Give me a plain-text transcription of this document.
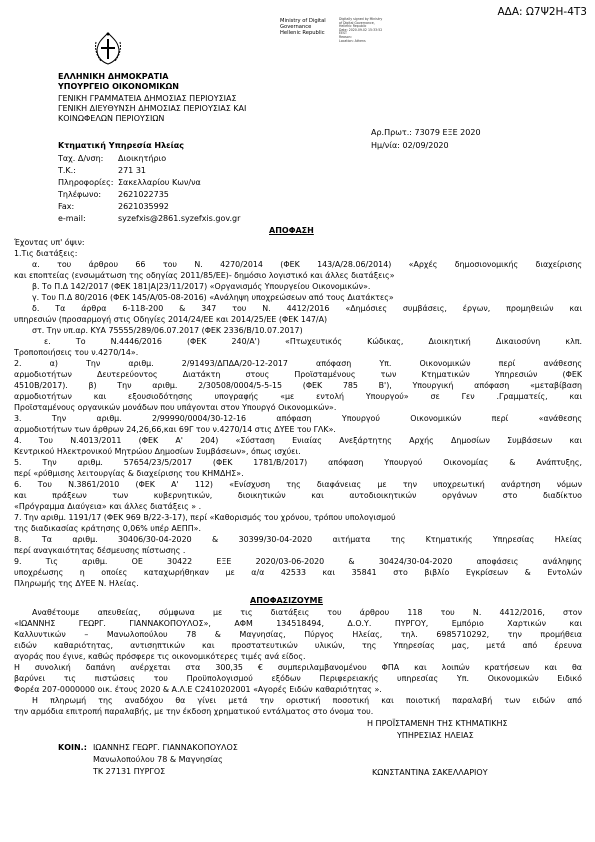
ΑΔΑ: Ω7Ψ2Η-4Τ3
Ministry of Digital
Governance
Hellenic Republic
Digitally signed by Ministry
of Digital Governance,
Hellenic Republic
Date: 2020.09.02 15:33:52
EEST
Reason:
Location: Athens
ΕΛΛΗΝΙΚΗ ΔΗΜΟΚΡΑΤΙΑ
ΥΠΟΥΡΓΕΙΟ ΟΙΚΟΝΟΜΙΚΩΝ
ΓΕΝΙΚΗ ΓΡΑΜΜΑΤΕΙΑ ΔΗΜΟΣΙΑΣ ΠΕΡΙΟΥΣΙΑΣ
ΓΕΝΙΚΗ ΔΙΕΥΘΥΝΣΗ ΔΗΜΟΣΙΑΣ ΠΕΡΙΟΥΣΙΑΣ ΚΑΙ
ΚΟΙΝΩΦΕΛΩΝ ΠΕΡΙΟΥΣΙΩΝ
Αρ.Πρωτ.: 73079 ΕΞΕ 2020
Κτηματική Υπηρεσία Ηλείας	Ημ/νία: 02/09/2020
Ταχ. Δ/νση: Διοικητήριο
Τ.Κ.:	271 31
Πληροφορίες: Σακελλαρίου Κων/να
Τηλέφωνο: 2621022735
Fax:	2621035992
e-mail:	syzefxis@2861.syzefxis.gov.gr
ΑΠΟΦΑΣΗ
Έχοντας υπ' όψιν:
1.Τις διατάξεις:
α. του άρθρου 66 του Ν. 4270/2014 (ΦΕΚ 143/Α/28.06/2014) «Αρχές δημοσιονομικής διαχείρισης
και εποπτείας (ενσωμάτωση της οδηγίας 2011/85/ΕΕ)- δημόσιο λογιστικό και άλλες διατάξεις»
β. Το Π.Δ 142/2017 (ΦΕΚ 181|Α|23/11/2017) «Οργανισμός Υπουργείου Οικονομικών».
γ. Του Π.Δ 80/2016 (ΦΕΚ 145/Α/05-08-2016) «Ανάληψη υποχρεώσεων από τους Διατάκτες»
δ. Τα άρθρα 6-118-200 & 347 του Ν. 4412/2016 «Δημόσιες συμβάσεις, έργων, προμηθειών και
υπηρεσιών (προσαρμογή στις Οδηγίες 2014/24/ΕΕ και 2014/25/ΕΕ (ΦΕΚ 147/Α)
στ. Την υπ.αρ. ΚΥΑ 75555/289/06.07.2017 (ΦΕΚ 2336/Β/10.07.2017)
ε. Το Ν.4446/2016 (ΦΕΚ 240/Α') «Πτωχευτικός Κώδικας, Διοικητική Δικαιοσύνη κλπ.
Τροποποιήσεις του ν.4270/14».
2. α) Την αριθμ. 2/91493/ΔΠΔΑ/20-12-2017 απόφαση Υπ. Οικονομικών περί ανάθεσης
αρμοδιοτήτων Δευτερεύοντος Διατάκτη στους Προϊσταμένους των Κτηματικών Υπηρεσιών (ΦΕΚ
4510Β/2017). β) Την αριθμ. 2/30508/0004/5-5-15 (ΦΕΚ 785 Β'), Υπουργική απόφαση «μεταβίβαση
αρμοδιοτήτων και εξουσιοδότησης υπογραφής «με εντολή Υπουργού» σε Γεν .Γραμματείς, και
Προϊσταμένους οργανικών μονάδων που υπάγονται στον Υπουργό Οικονομικών».
3. Την αριθμ. 2/99990/0004/30-12-16 απόφαση Υπουργού Οικονομικών περί «ανάθεσης
αρμοδιοτήτων των άρθρων 24,26,66,και 69Γ του ν.4270/14 στις ΔΥΕΕ του ΓΛΚ».
4. Του Ν.4013/2011 (ΦΕΚ Α' 204) «Σύσταση Ενιαίας Ανεξάρτητης Αρχής Δημοσίων Συμβάσεων και
Κεντρικού Ηλεκτρονικού Μητρώου Δημοσίων Συμβάσεων», όπως ισχύει.
5. Την αριθμ. 57654/23/5/2017 (ΦΕΚ 1781/Β/2017) απόφαση Υπουργού Οικονομίας & Ανάπτυξης,
περί «ρύθμισης λειτουργίας & διαχείρισης του ΚΗΜΔΗΣ».
6. Του Ν.3861/2010 (ΦΕΚ Α' 112) «Ενίσχυση της διαφάνειας με την υποχρεωτική ανάρτηση νόμων
και πράξεων των κυβερνητικών, διοικητικών και αυτοδιοικητικών οργάνων στο διαδίκτυο
«Πρόγραμμα Διαύγεια» και άλλες διατάξεις » .
7. Την αριθμ. 1191/17 (ΦΕΚ 969 Β/22-3-17), περί «Καθορισμός του χρόνου, τρόπου υπολογισμού
της διαδικασίας κράτησης 0,06% υπέρ ΑΕΠΠ».
8. Τα αριθμ. 30406/30-04-2020 & 30399/30-04-2020 αιτήματα της Κτηματικής Υπηρεσίας Ηλείας
περί αναγκαιότητας δέσμευσης πίστωσης .
9. Τις αριθμ. ΟΕ 30422 ΕΞΕ 2020/03-06-2020 & 30424/30-04-2020 αποφάσεις ανάληψης
υποχρέωσης η οποίες καταχωρήθηκαν με α/α 42533 και 35841 στο βιβλίο Εγκρίσεων & Εντολών
Πληρωμής της ΔΥΕΕ Ν. Ηλείας.
ΑΠΟΦΑΣΙΖΟΥΜΕ
Αναθέτουμε απευθείας, σύμφωνα με τις διατάξεις του άρθρου 118 του Ν. 4412/2016, στον
«ΙΩΑΝΝΗΣ ΓΕΩΡΓ. ΓΙΑΝΝΑΚΟΠΟΥΛΟΣ», ΑΦΜ 134518494, Δ.Ο.Υ. ΠΥΡΓΟΥ, Εμπόριο Χαρτικών και
Καλλυντικών – Μανωλοπούλου 78 & Μαγνησίας, Πύργος Ηλείας, τηλ. 6985710292, την προμήθεια
ειδών καθαριότητας, αντισηπτικών και προστατευτικών υλικών, της Υπηρεσίας μας, μετά από έρευνα
αγοράς που έγινε, καθώς πρόσφερε τις οικονομικότερες τιμές ανά είδος.
Η συνολική δαπάνη ανέρχεται στα 300,35 € συμπεριλαμβανομένου ΦΠΑ και λοιπών κρατήσεων και θα
βαρύνει τις πιστώσεις του Προϋπολογισμού εξόδων Περιφερειακής υπηρεσίας Υπ. Οικονομικών Ειδικό
Φορέα 207-0000000 οικ. έτους 2020 & Α.Λ.Ε C2410202001 «Αγορές Ειδών καθαριότητας ».
Η πληρωμή της αναδόχου θα γίνει μετά την οριστική ποσοτική και ποιοτική παραλαβή των ειδών από
την αρμόδια επιτροπή παραλαβής, με την έκδοση χρηματικού εντάλματος στο όνομα του.
Η ΠΡΟΪΣΤΑΜΕΝΗ ΤΗΣ ΚΤΗΜΑΤΙΚΗΣ
ΥΠΗΡΕΣΙΑΣ ΗΛΕΙΑΣ
ΚΩΝΣΤΑΝΤΙΝΑ ΣΑΚΕΛΛΑΡΙΟΥ
ΚΟΙΝ.: ΙΩΑΝΝΗΣ ΓΕΩΡΓ. ΓΙΑΝΝΑΚΟΠΟΥΛΟΣ
Μανωλοπούλου 78 & Μαγνησίας
ΤΚ 27131 ΠΥΡΓΟΣ
